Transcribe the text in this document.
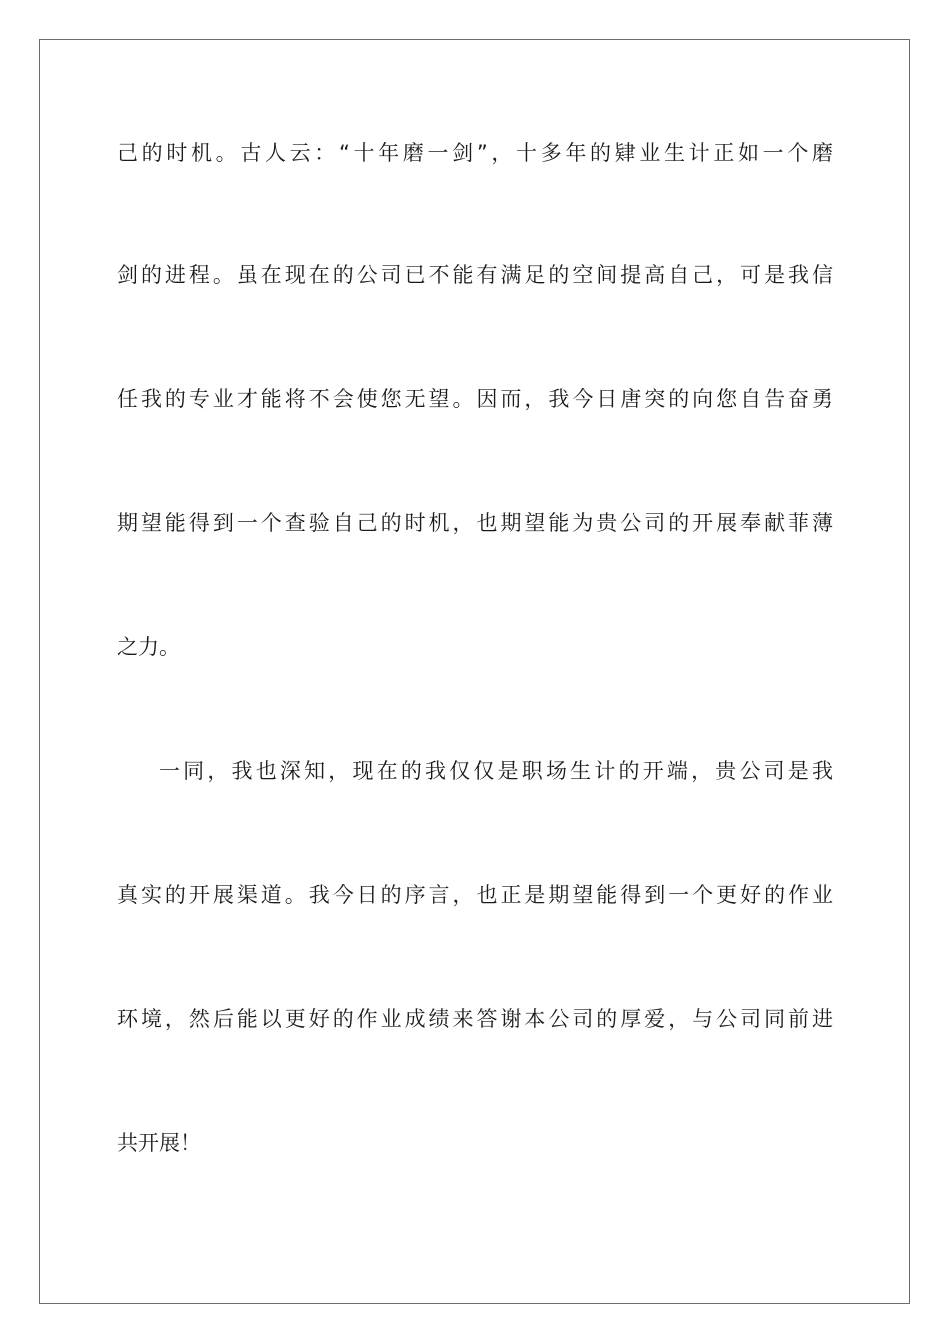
己的时机。古人云：“十年磨一剑”，十多年的肄业生计正如一个磨
剑的进程。虽在现在的公司已不能有满足的空间提高自己，可是我信
任我的专业才能将不会使您无望。因而，我今日唐突的向您自告奋勇
期望能得到一个查验自己的时机，也期望能为贵公司的开展奉献菲薄
之力。
一同，我也深知，现在的我仅仅是职场生计的开端，贵公司是我
真实的开展渠道。我今日的序言，也正是期望能得到一个更好的作业
环境，然后能以更好的作业成绩来答谢本公司的厚爱，与公司同前进
共开展！
